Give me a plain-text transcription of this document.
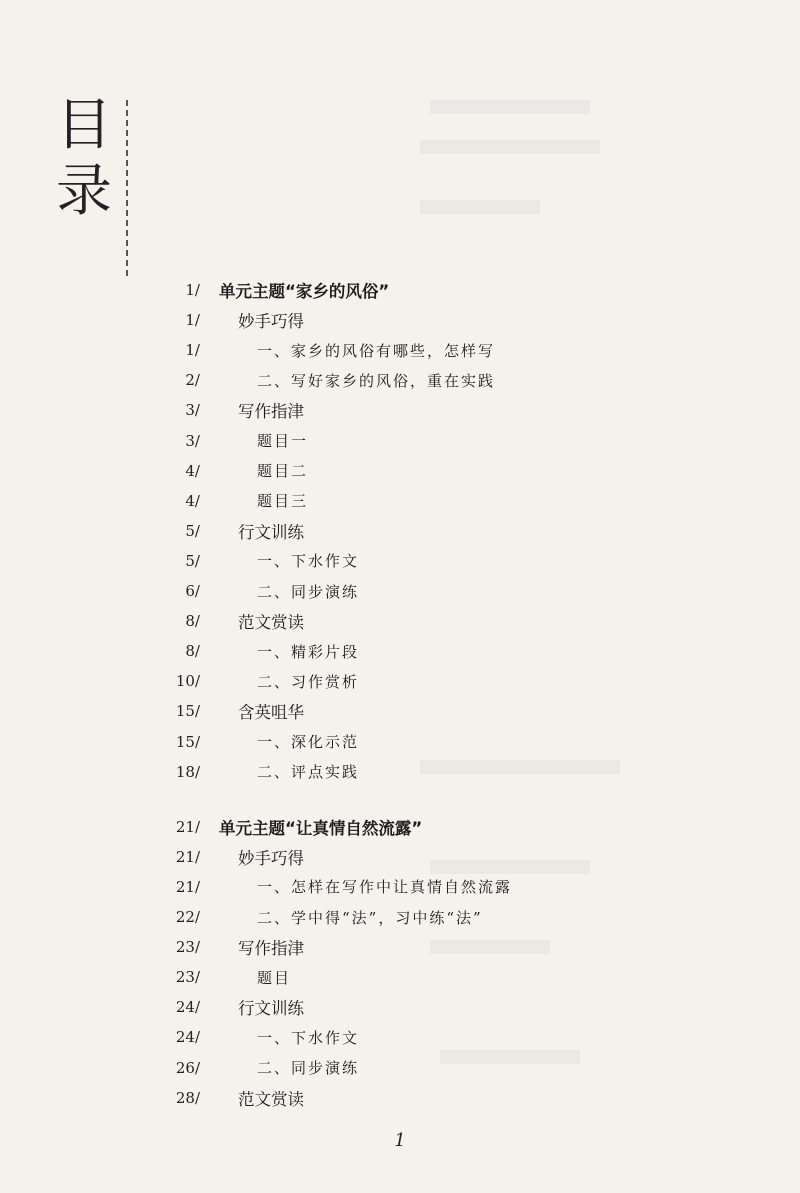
目
录
1/ 单元主题“家乡的风俗”
1/ 妙手巧得
1/	一、家乡的风俗有哪些，怎样写
2/	二、写好家乡的风俗，重在实践
3/ 写作指津
3/	题目一
4/	题目二
4/	题目三
5/ 行文训练
5/	一、下水作文
6/	二、同步演练
8/ 范文赏读
8/	一、精彩片段
10/	二、习作赏析
15/ 含英咀华
15/	一、深化示范
18/	二、评点实践
21/ 单元主题“让真情自然流露”
21/ 妙手巧得
21/	一、怎样在写作中让真情自然流露
22/	二、学中得“法”，习中练“法”
23/ 写作指津
23/	题目
24/ 行文训练
24/	一、下水作文
26/	二、同步演练
28/ 范文赏读
1
